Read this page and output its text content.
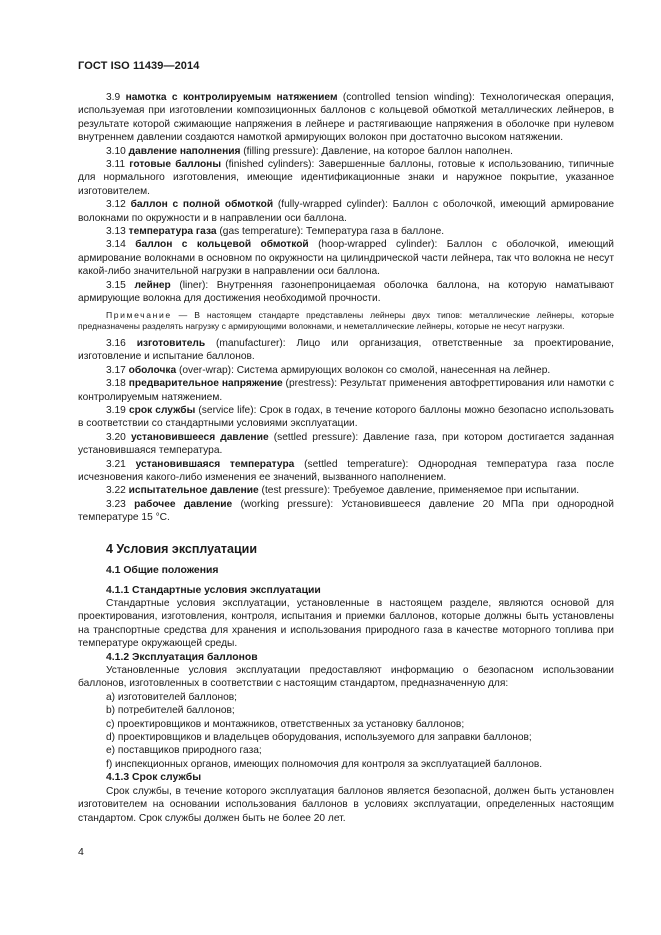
ГОСТ ISO 11439—2014

3.9 намотка с контролируемым натяжением (controlled tension winding): Технологическая операция, используемая при изготовлении композиционных баллонов с кольцевой обмоткой металлических лейнеров, в результате которой сжимающие напряжения в лейнере и растягивающие напряжения в оболочке при нулевом внутреннем давлении создаются намоткой армирующих волокон при достаточно высоком натяжении.

3.10 давление наполнения (filling pressure): Давление, на которое баллон наполнен.

3.11 готовые баллоны (finished cylinders): Завершенные баллоны, готовые к использованию, типичные для нормального изготовления, имеющие идентификационные знаки и наружное покрытие, указанное изготовителем.

3.12 баллон с полной обмоткой (fully-wrapped cylinder): Баллон с оболочкой, имеющий армирование волокнами по окружности и в направлении оси баллона.

3.13 температура газа (gas temperature): Температура газа в баллоне.

3.14 баллон с кольцевой обмоткой (hoop-wrapped cylinder): Баллон с оболочкой, имеющий армирование волокнами в основном по окружности на цилиндрической части лейнера, так что волокна не несут какой-либо значительной нагрузки в направлении оси баллона.

3.15 лейнер (liner): Внутренняя газонепроницаемая оболочка баллона, на которую наматывают армирующие волокна для достижения необходимой прочности.

Примечание — В настоящем стандарте представлены лейнеры двух типов: металлические лейнеры, которые предназначены разделять нагрузку с армирующими волокнами, и неметаллические лейнеры, которые не несут нагрузки.

3.16 изготовитель (manufacturer): Лицо или организация, ответственные за проектирование, изготовление и испытание баллонов.

3.17 оболочка (over-wrap): Система армирующих волокон со смолой, нанесенная на лейнер.

3.18 предварительное напряжение (prestress): Результат применения автофреттирования или намотки с контролируемым натяжением.

3.19 срок службы (service life): Срок в годах, в течение которого баллоны можно безопасно использовать в соответствии со стандартными условиями эксплуатации.

3.20 установившееся давление (settled pressure): Давление газа, при котором достигается заданная установившаяся температура.

3.21 установившаяся температура (settled temperature): Однородная температура газа после исчезновения какого-либо изменения ее значений, вызванного наполнением.

3.22 испытательное давление (test pressure): Требуемое давление, применяемое при испытании.

3.23 рабочее давление (working pressure): Установившееся давление 20 МПа при однородной температуре 15 °С.

4 Условия эксплуатации
4.1 Общие положения
4.1.1 Стандартные условия эксплуатации

Стандартные условия эксплуатации, установленные в настоящем разделе, являются основой для проектирования, изготовления, контроля, испытания и приемки баллонов, которые должны быть установлены на транспортные средства для хранения и использования природного газа в качестве моторного топлива при температуре окружающей среды.

4.1.2 Эксплуатация баллонов

Установленные условия эксплуатации предоставляют информацию о безопасном использовании баллонов, изготовленных в соответствии с настоящим стандартом, предназначенную для:

a) изготовителей баллонов;
b) потребителей баллонов;
c) проектировщиков и монтажников, ответственных за установку баллонов;
d) проектировщиков и владельцев оборудования, используемого для заправки баллонов;
e) поставщиков природного газа;
f) инспекционных органов, имеющих полномочия для контроля за эксплуатацией баллонов.
4.1.3 Срок службы

Срок службы, в течение которого эксплуатация баллонов является безопасной, должен быть установлен изготовителем на основании использования баллонов в условиях эксплуатации, определенных настоящим стандартом. Срок службы должен быть не более 20 лет.

4
